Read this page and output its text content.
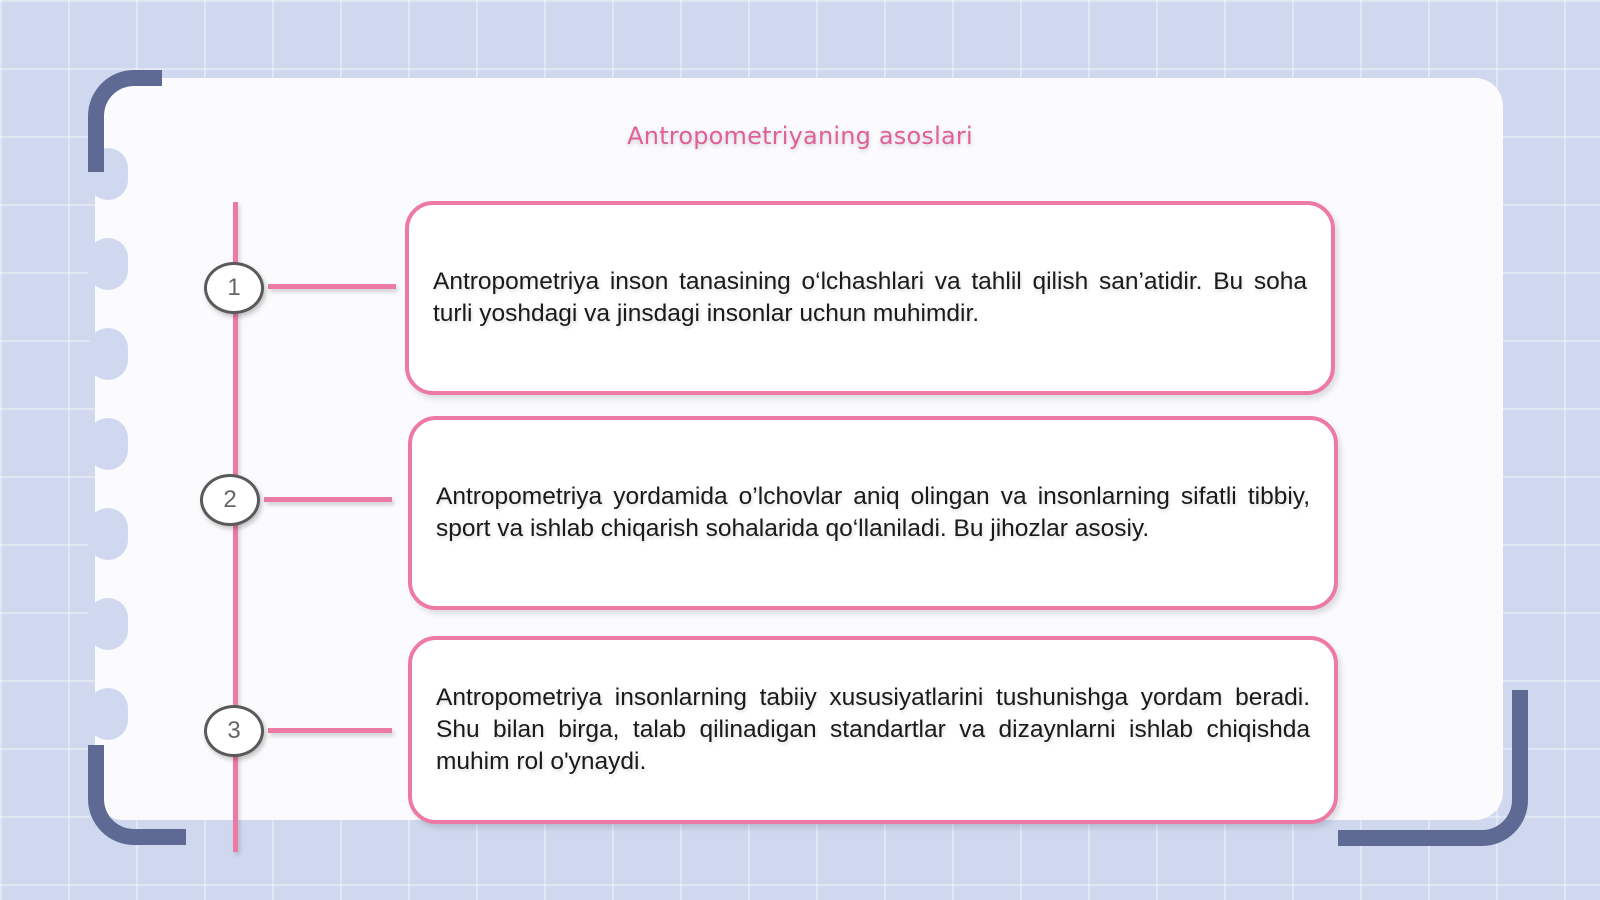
Antropometriyaning asoslari
1
2
3
Antropometriya inson tanasining o‘lchashlari va tahlil qilish san’atidir. Bu soha turli yoshdagi va jinsdagi insonlar uchun muhimdir.
Antropometriya yordamida o’lchovlar aniq olingan va insonlarning sifatli tibbiy, sport va ishlab chiqarish sohalarida qo‘llaniladi. Bu jihozlar asosiy.
Antropometriya insonlarning tabiiy xususiyatlarini tushunishga yordam beradi. Shu bilan birga, talab qilinadigan standartlar va dizaynlarni ishlab chiqishda muhim rol o'ynaydi.
